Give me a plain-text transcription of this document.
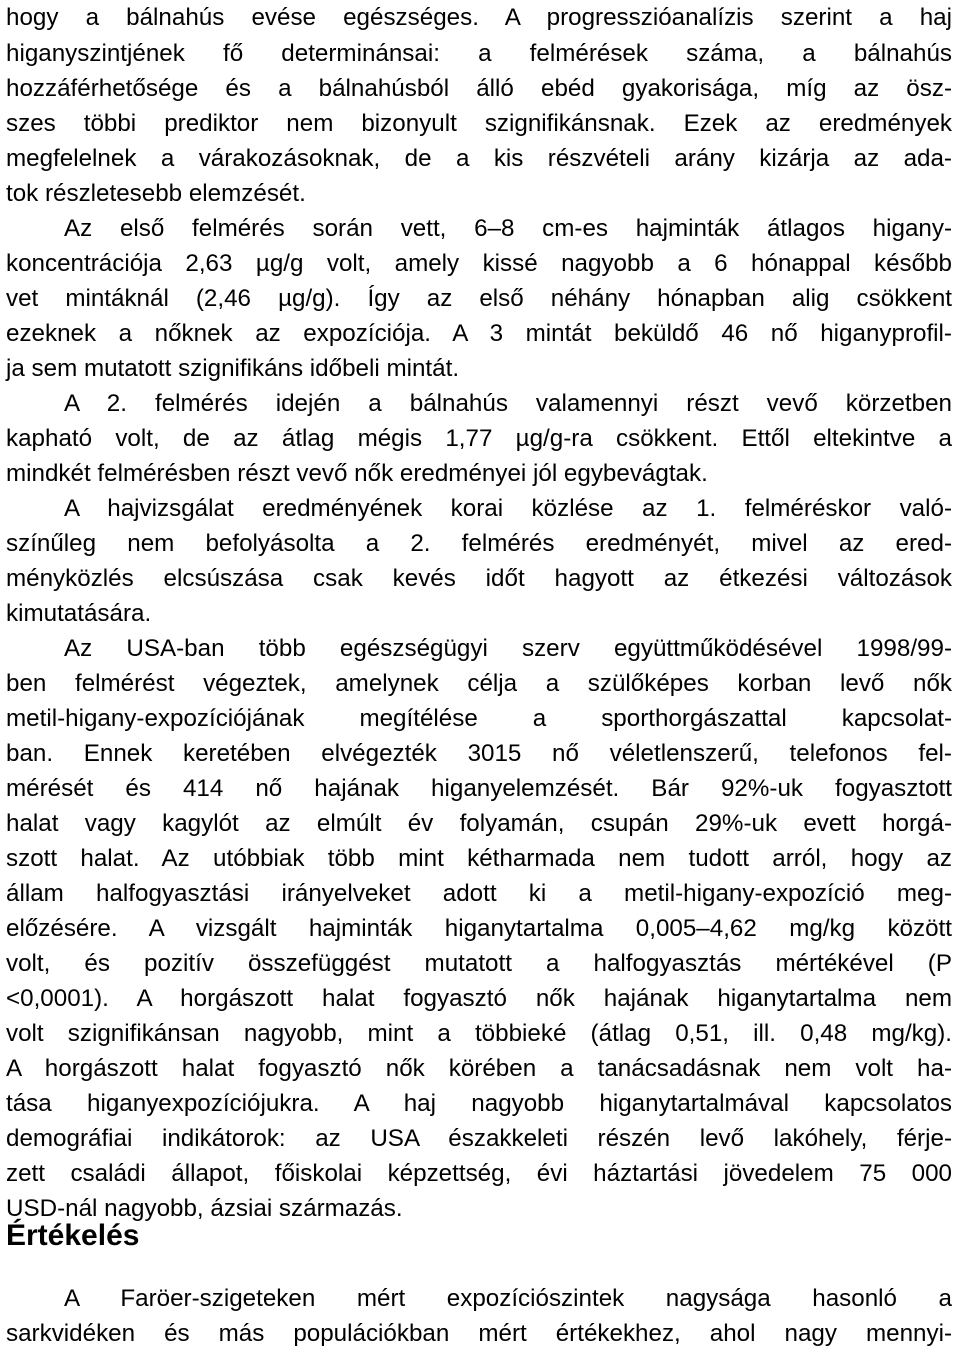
hogy a bálnahús evése egészséges. A progresszióanalízis szerint a haj
higanyszintjének fő determinánsai: a felmérések száma, a bálnahús
hozzáférhetősége és a bálnahúsból álló ebéd gyakorisága, míg az ösz-
szes többi prediktor nem bizonyult szignifikánsnak. Ezek az eredmények
megfelelnek a várakozásoknak, de a kis részvételi arány kizárja az ada-
tok részletesebb elemzését.
Az első felmérés során vett, 6–8 cm-es hajminták átlagos higany-
koncentrációja 2,63 µg/g volt, amely kissé nagyobb a 6 hónappal később
vet mintáknál (2,46 µg/g). Így az első néhány hónapban alig csökkent
ezeknek a nőknek az expozíciója. A 3 mintát beküldő 46 nő higanyprofil-
ja sem mutatott szignifikáns időbeli mintát.
A 2. felmérés idején a bálnahús valamennyi részt vevő körzetben
kapható volt, de az átlag mégis 1,77 µg/g-ra csökkent. Ettől eltekintve a
mindkét felmérésben részt vevő nők eredményei jól egybevágtak.
A hajvizsgálat eredményének korai közlése az 1. felméréskor való-
színűleg nem befolyásolta a 2. felmérés eredményét, mivel az ered-
ményközlés elcsúszása csak kevés időt hagyott az étkezési változások
kimutatására.
Az USA-ban több egészségügyi szerv együttműködésével 1998/99-
ben felmérést végeztek, amelynek célja a szülőképes korban levő nők
metil-higany-expozíciójának megítélése a sporthorgászattal kapcsolat-
ban. Ennek keretében elvégezték 3015 nő véletlenszerű, telefonos fel-
mérését és 414 nő hajának higanyelemzését. Bár 92%-uk fogyasztott
halat vagy kagylót az elmúlt év folyamán, csupán 29%-uk evett horgá-
szott halat. Az utóbbiak több mint kétharmada nem tudott arról, hogy az
állam halfogyasztási irányelveket adott ki a metil-higany-expozíció meg-
előzésére. A vizsgált hajminták higanytartalma 0,005–4,62 mg/kg között
volt, és pozitív összefüggést mutatott a halfogyasztás mértékével (P
<0,0001). A horgászott halat fogyasztó nők hajának higanytartalma nem
volt szignifikánsan nagyobb, mint a többieké (átlag 0,51, ill. 0,48 mg/kg).
A horgászott halat fogyasztó nők körében a tanácsadásnak nem volt ha-
tása higanyexpozíciójukra. A haj nagyobb higanytartalmával kapcsolatos
demográfiai indikátorok: az USA északkeleti részén levő lakóhely, férje-
zett családi állapot, főiskolai képzettség, évi háztartási jövedelem 75 000
USD-nál nagyobb, ázsiai származás.
Értékelés
A Faröer-szigeteken mért expozíciószintek nagysága hasonló a
sarkvidéken és más populációkban mért értékekhez, ahol nagy mennyi-
